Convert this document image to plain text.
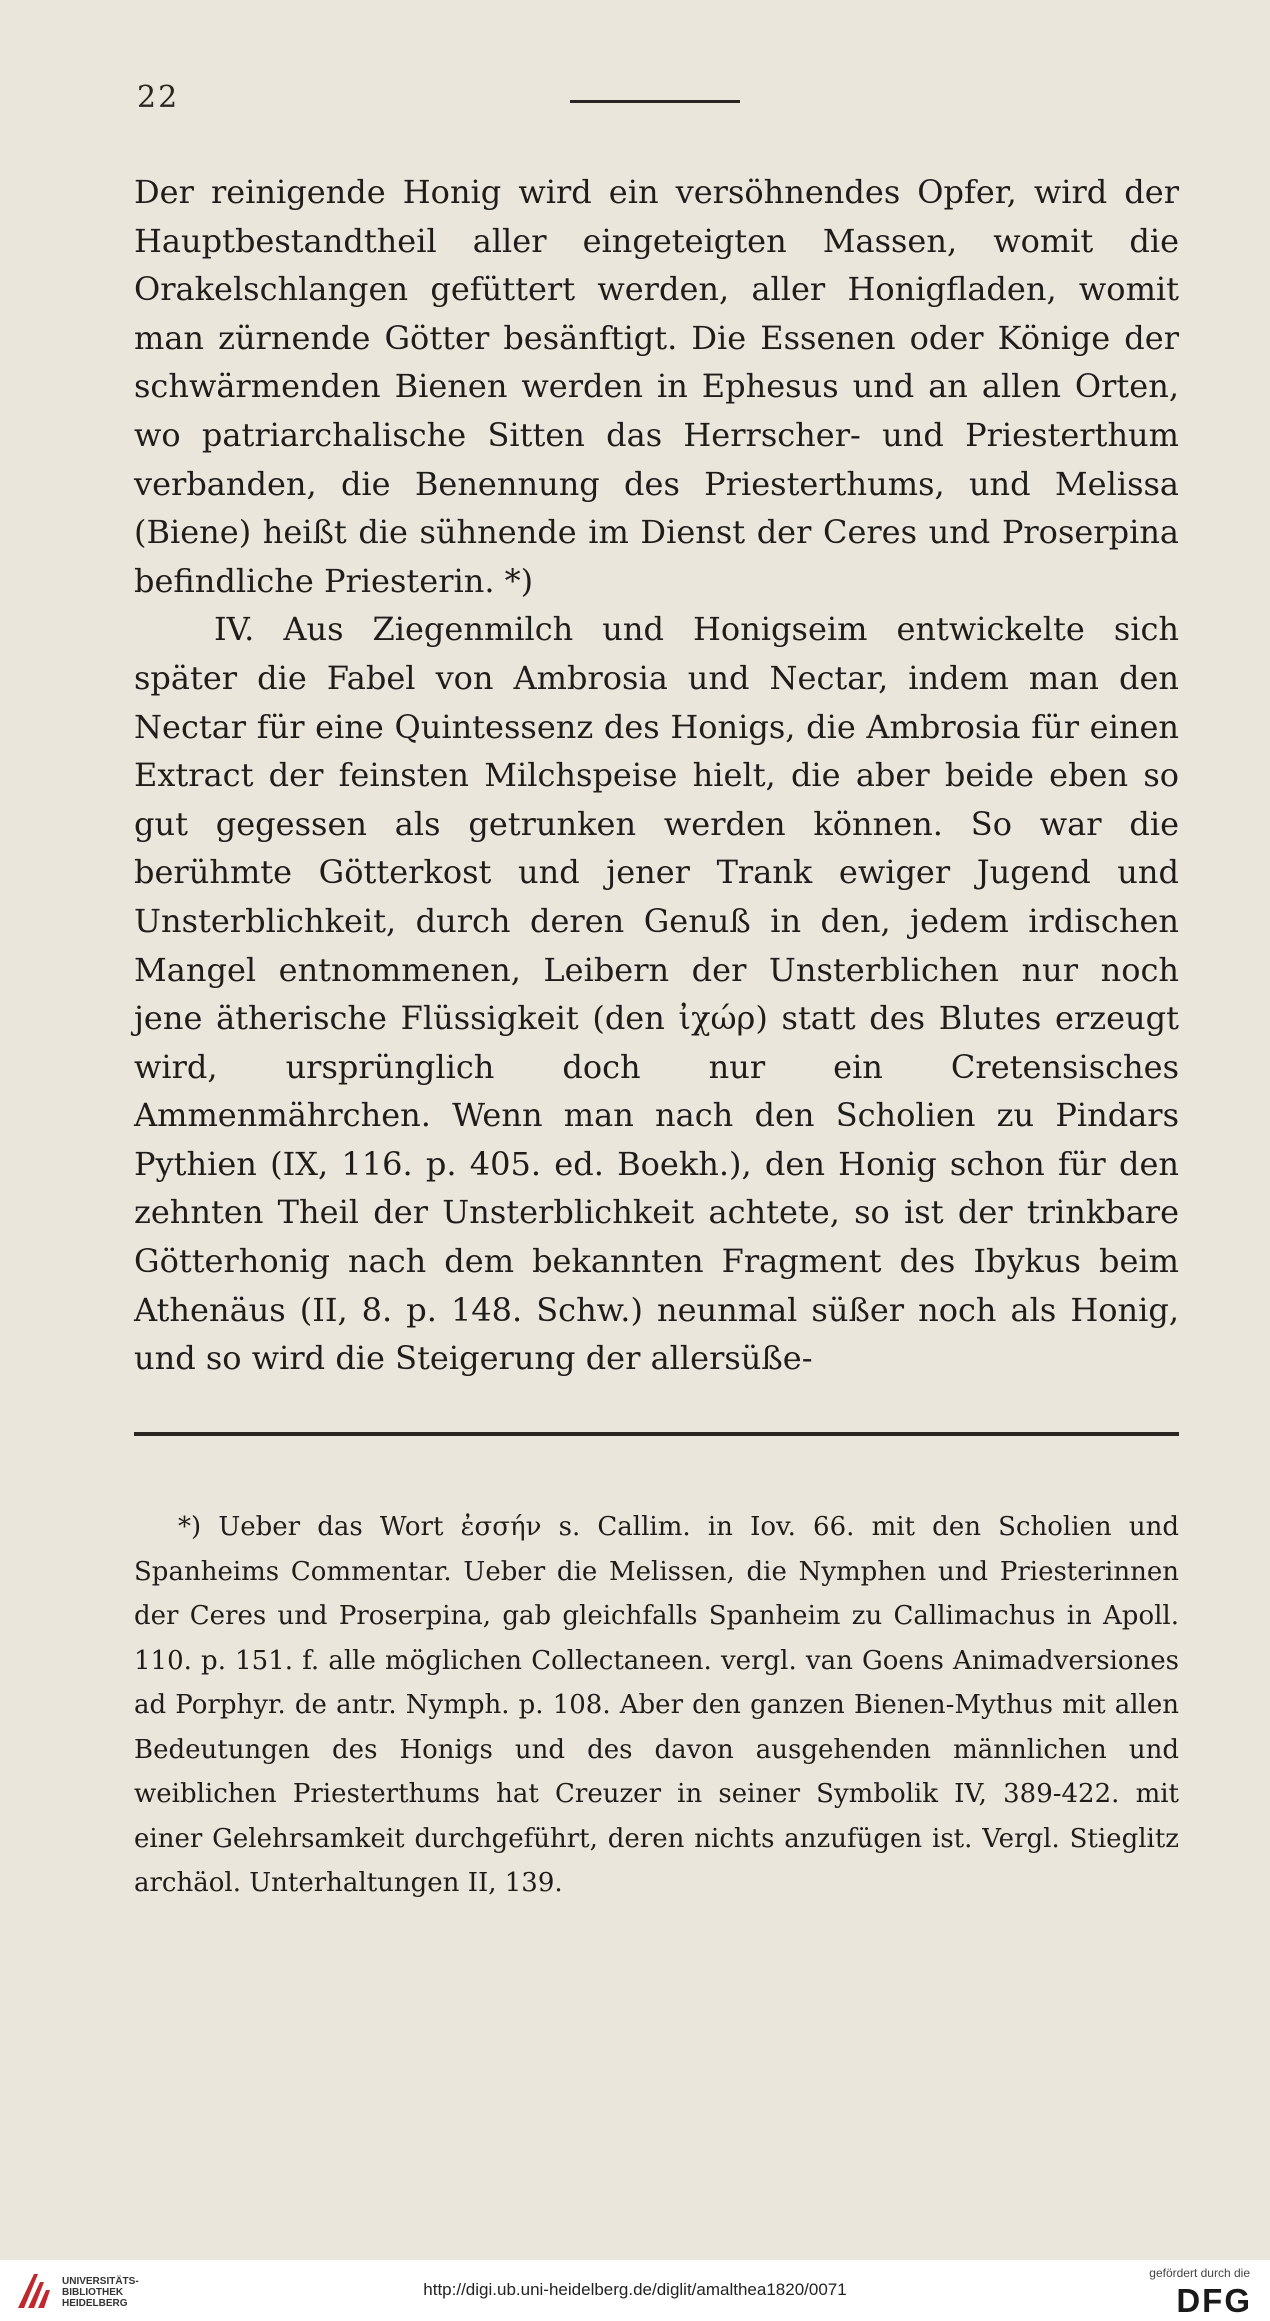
22

Der reinigende Honig wird ein versöhnendes Opfer, wird der Hauptbestandtheil aller eingeteigten Massen, womit die Orakelschlangen gefüttert werden, aller Honigfladen, womit man zürnende Götter besänftigt. Die Essenen oder Könige der schwärmenden Bienen werden in Ephesus und an allen Orten, wo patriarchalische Sitten das Herrscher- und Priesterthum verbanden, die Benennung des Priesterthums, und Melissa (Biene) heißt die sühnende im Dienst der Ceres und Proserpina befindliche Priesterin. *)

IV. Aus Ziegenmilch und Honigseim entwickelte sich später die Fabel von Ambrosia und Nectar, indem man den Nectar für eine Quintessenz des Honigs, die Ambrosia für einen Extract der feinsten Milchspeise hielt, die aber beide eben so gut gegessen als getrunken werden können. So war die berühmte Götterkost und jener Trank ewiger Jugend und Unsterblichkeit, durch deren Genuß in den, jedem irdischen Mangel entnommenen, Leibern der Unsterblichen nur noch jene ätherische Flüssigkeit (den ἰχώρ) statt des Blutes erzeugt wird, ursprünglich doch nur ein Cretensisches Ammenmährchen. Wenn man nach den Scholien zu Pindars Pythien (IX, 116. p. 405. ed. Boekh.), den Honig schon für den zehnten Theil der Unsterblichkeit achtete, so ist der trinkbare Götterhonig nach dem bekannten Fragment des Ibykus beim Athenäus (II, 8. p. 148. Schw.) neunmal süßer noch als Honig, und so wird die Steigerung der allersüße-

*) Ueber das Wort ἐσσήν s. Callim. in Iov. 66. mit den Scholien und Spanheims Commentar. Ueber die Melissen, die Nymphen und Priesterinnen der Ceres und Proserpina, gab gleichfalls Spanheim zu Callimachus in Apoll. 110. p. 151. f. alle möglichen Collectaneen. vergl. van Goens Animadversiones ad Porphyr. de antr. Nymph. p. 108. Aber den ganzen Bienen-Mythus mit allen Bedeutungen des Honigs und des davon ausgehenden männlichen und weiblichen Priesterthums hat Creuzer in seiner Symbolik IV, 389-422. mit einer Gelehrsamkeit durchgeführt, deren nichts anzufügen ist. Vergl. Stieglitz archäol. Unterhaltungen II, 139.

UNIVERSITÄTS-
BIBLIOTHEK
HEIDELBERG
http://digi.ub.uni-heidelberg.de/diglit/amalthea1820/0071
gefördert durch die
DFG
